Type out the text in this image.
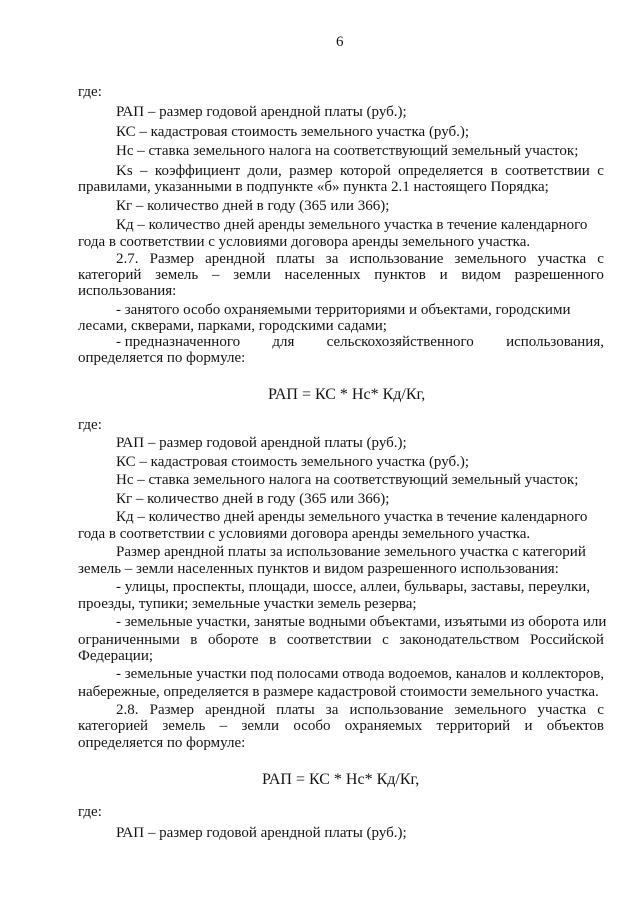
6
где:
РАП – размер годовой арендной платы (руб.);
КС – кадастровая стоимость земельного участка (руб.);
Нс – ставка земельного налога на соответствующий земельный участок;
Ks – коэффициент доли, размер которой определяется в соответствии с
правилами, указанными в подпункте «б» пункта 2.1 настоящего Порядка;
Кг – количество дней в году (365 или 366);
Кд – количество дней аренды земельного участка в течение календарного
года в соответствии с условиями договора аренды земельного участка.
2.7. Размер арендной платы за использование земельного участка с
категорий земель – земли населенных пунктов и видом разрешенного
использования:
- занятого особо охраняемыми территориями и объектами, городскими
лесами, скверами, парками, городскими садами;
- предназначенного для сельскохозяйственного использования,
определяется по формуле:
РАП = КС * Нс* Кд/Кг,
где:
РАП – размер годовой арендной платы (руб.);
КС – кадастровая стоимость земельного участка (руб.);
Нс – ставка земельного налога на соответствующий земельный участок;
Кг – количество дней в году (365 или 366);
Кд – количество дней аренды земельного участка в течение календарного
года в соответствии с условиями договора аренды земельного участка.
Размер арендной платы за использование земельного участка с категорий
земель – земли населенных пунктов и видом разрешенного использования:
- улицы, проспекты, площади, шоссе, аллеи, бульвары, заставы, переулки,
проезды, тупики; земельные участки земель резерва;
- земельные участки, занятые водными объектами, изъятыми из оборота или
ограниченными в обороте в соответствии с законодательством Российской
Федерации;
- земельные участки под полосами отвода водоемов, каналов и коллекторов,
набережные, определяется в размере кадастровой стоимости земельного участка.
2.8. Размер арендной платы за использование земельного участка с
категорией земель – земли особо охраняемых территорий и объектов
определяется по формуле:
РАП = КС * Нс* Кд/Кг,
где:
РАП – размер годовой арендной платы (руб.);
